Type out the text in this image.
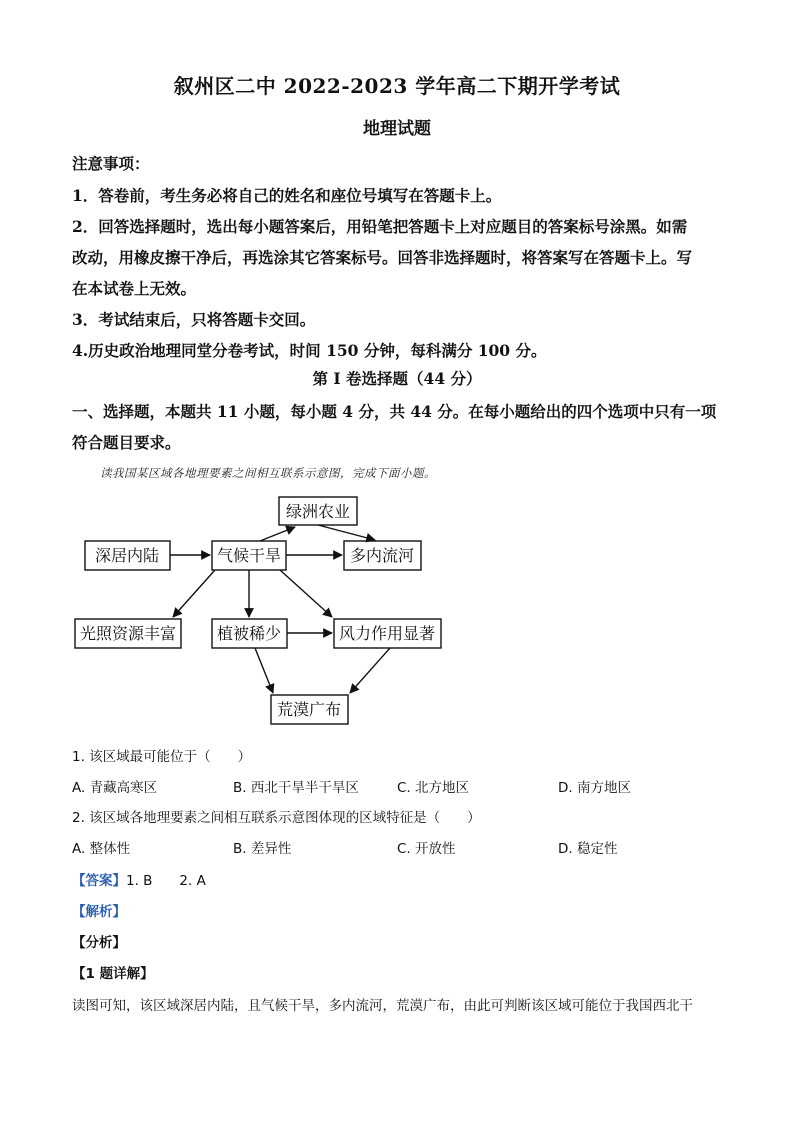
叙州区二中 2022-2023 学年高二下期开学考试
地理试题
注意事项：
1．答卷前，考生务必将自己的姓名和座位号填写在答题卡上。
2．回答选择题时，选出每小题答案后，用铅笔把答题卡上对应题目的答案标号涂黑。如需
改动，用橡皮擦干净后，再选涂其它答案标号。回答非选择题时，将答案写在答题卡上。写
在本试卷上无效。
3．考试结束后，只将答题卡交回。
4.历史政治地理同堂分卷考试，时间 150 分钟，每科满分 100 分。
第 I 卷选择题（44 分）
一、选择题，本题共 11 小题，每小题 4 分，共 44 分。在每小题给出的四个选项中只有一项
符合题目要求。
读我国某区域各地理要素之间相互联系示意图，完成下面小题。
绿洲农业
深居内陆	气候干旱	多内流河
光照资源丰富	植被稀少	风力作用显著
荒漠广布
1. 该区域最可能位于（　　）
A. 青藏高寒区	B. 西北干旱半干旱区	C. 北方地区	D. 南方地区
2. 该区域各地理要素之间相互联系示意图体现的区域特征是（　　）
A. 整体性	B. 差异性	C. 开放性	D. 稳定性
【答案】1. B　　2. A
【解析】
【分析】
【1 题详解】
读图可知，该区域深居内陆，且气候干旱，多内流河，荒漠广布，由此可判断该区域可能位于我国西北干
